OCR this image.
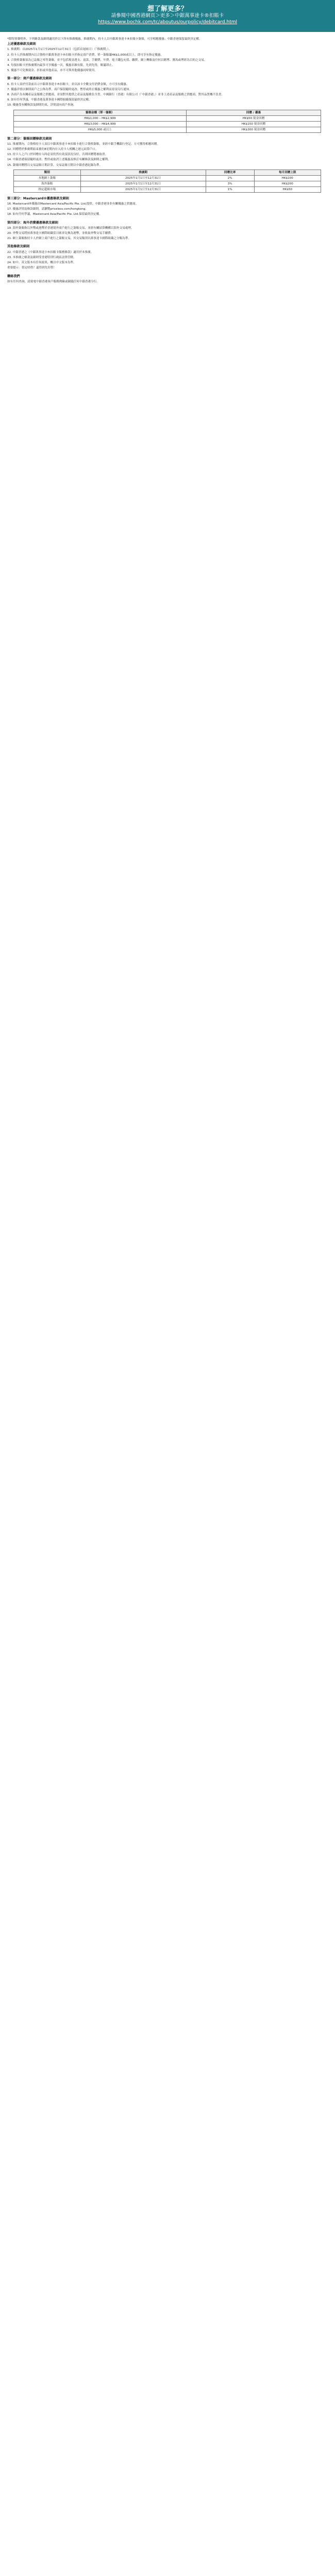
想了解更多？
請參閱中國香港網頁＞更多＞中銀萬事達卡®扣賬卡
https://www.bochk.com/tc/aboutus/ourpolicy/debitcard.html
*除特別聲明外，下列條款及細則適用於以下所有推廣優惠。推廣期內，持卡人以中銀萬事達卡®扣賬卡簽賬，可享相應優惠；中銀香港保留最終決定權。
上述優惠條款及細則
1. 推廣期：由2025年1月1日至2025年12月31日（包括首尾兩日）（「推廣期」）。
2. 持卡人於推廣期內以合資格中銀萬事達卡®扣賬卡於指定商戶消費，單一簽賬滿HK$1,000或以上，即可享有指定優惠。
3. 合資格簽賬須為已誌賬之零售簽賬，並不包括現金透支、退款、手續費、年費、電子錢包充值、繳費、網上轉賬及任何以賭博、賽馬或博彩為目的之交易。
4. 每張扣賬卡於推廣期內最多可享優惠一次。優惠名額有限，先到先得，額滿即止。
5. 優惠不可兌換現金、折扣或其他產品，亦不可與其他優惠同時使用。
第一部分：商戶優惠條款及細則
6. 持卡人須於付款前出示中銀萬事達卡®扣賬卡，並以該卡全數支付消費金額，方可享有優惠。
7. 優惠詳情以個別商戶之公佈為準。商戶保留隨時更改、暫停或終止優惠之權利而毋須另行通知。
8. 各商戶為有關產品及服務之供應商，並須對其提供之產品及服務負全責。中國銀行（香港）有限公司（「中銀香港」）並非上述產品及服務之供應商，對其品質概不負責。
9. 如有任何爭議，中銀香港及萬事達卡國際組織保留最終決定權。
10. 優惠受有關條款及細則約束，詳情請向商戶查詢。
簽賬金額（單一簽賬）	回贈 / 優惠
HK$1,000 – HK$2,999	HK$50 現金回贈
HK$3,000 – HK$4,999	HK$150 現金回贈
HK$5,000 或以上	HK$300 現金回贈
第二部分：簽賬回贈條款及細則
11. 推廣期內，合資格持卡人須以中銀萬事達卡®扣賬卡進行合資格簽賬，並經中銀手機銀行登記，方可獲得相應回贈。
12. 回贈將於推廣期結束後約8星期內存入持卡人相關之港元結算戶口。
13. 持卡人之戶口於回贈存入時必須仍然有效及狀況良好，否則回贈將被取消。
14. 中銀香港保留隨時更改、暫停或取消上述優惠及修訂有關條款及細則之權利。
15. 簽賬回贈將以交易誌賬日期計算，交易誌賬日期以中銀香港紀錄為準。
類別	推廣期	回贈比率	每月回贈上限
本地網上簽賬	2025年1月1日至12月31日	2%	HK$100
海外簽賬	2025年1月1日至12月31日	3%	HK$200
指定超級市場	2025年1月1日至12月31日	1%	HK$50
第三部分：Mastercard®優惠條款及細則
16. Mastercard®優惠由Mastercard Asia/Pacific Pte. Ltd.提供。中銀香港並非有關優惠之供應商。
17. 優惠詳情及條款細則，請瀏覽priceless.com/hongkong。
18. 如有任何爭議，Mastercard Asia/Pacific Pte. Ltd.保留最終決定權。
第四部分：海外消費優惠條款及細則
19. 海外簽賬指以外幣或港幣於香港境外商戶進行之簽賬交易，並經有關結算機構以海外交易處理。
20. 外幣交易將按萬事達卡國際組織當日匯率兌換為港幣，並收取外幣交易手續費。
21. 網上簽賬指持卡人於網上商戶進行之簽賬交易，其交易類別以萬事達卡國際組織之分類為準。
其他條款及細則
22. 中銀香港之《中銀萬事達卡®扣賬卡服務條款》適用於本推廣。
23. 本推廣之條款及細則受香港特別行政區法律管轄。
24. 如中、英文版本有任何歧異，概以中文版本為準。
重要提示：借定唔借？還得到先好借！
聯絡我們
如有任何查詢，請致電中銀香港客戶服務熱線或親臨任何中銀香港分行。
